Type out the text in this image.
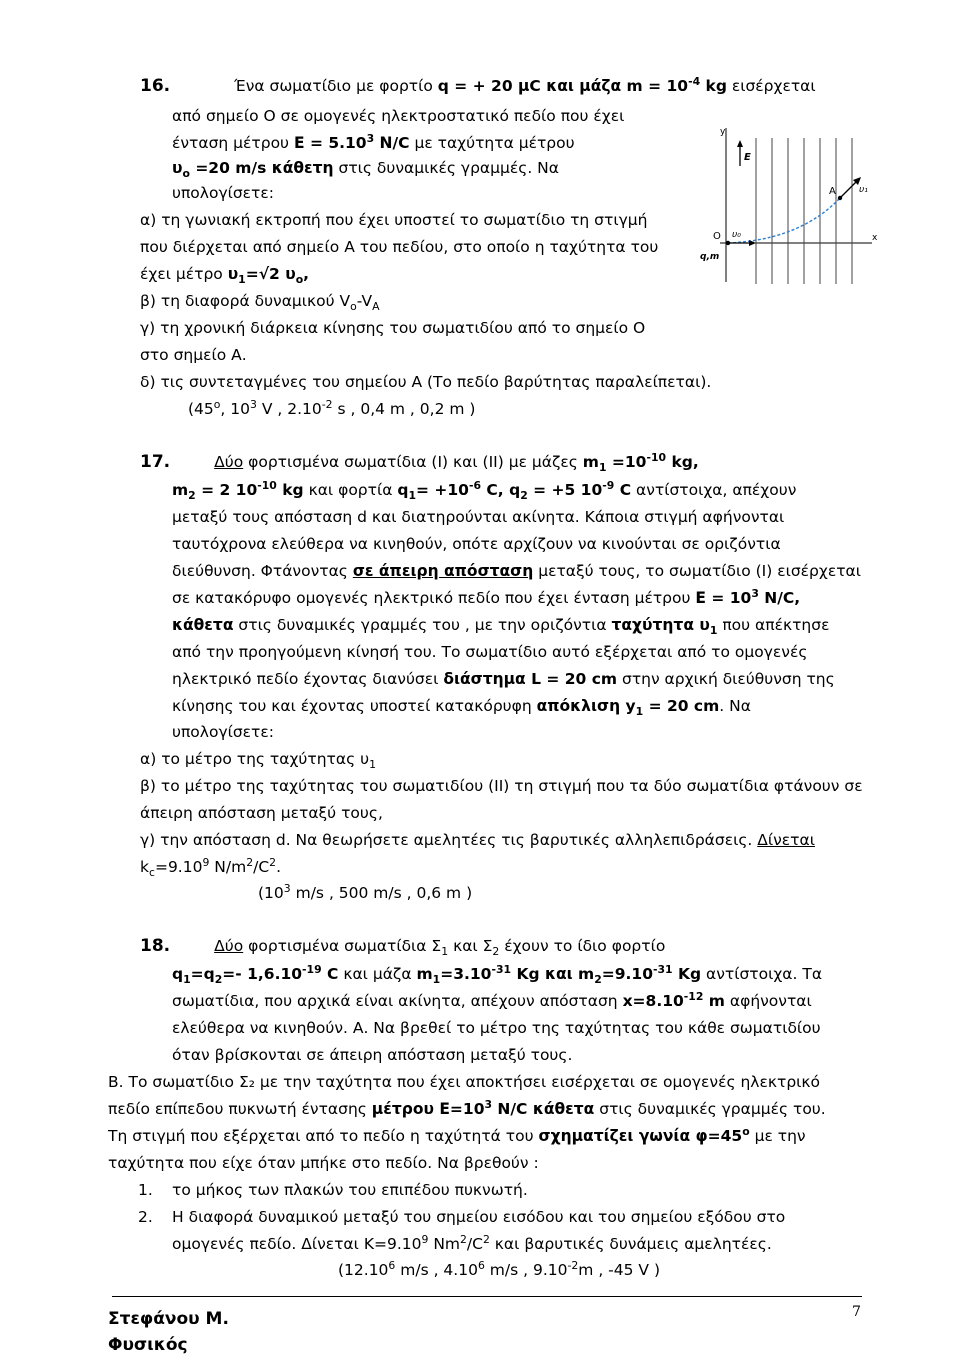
16.	Ένα σωματίδιο με φορτίο q = + 20 μC και μάζα $m = 10^{-4}$ kg εισέρχεται
από σημείο Ο σε ομογενές ηλεκτροστατικό πεδίο που έχει
ένταση μέτρου $E = 5.10^3$ Ν/C με ταχύτητα μέτρου
$\upsilon_o =20$ m/s κάθετη στις δυναμικές γραμμές. Να
υπολογίσετε:
α) τη γωνιακή εκτροπή που έχει υποστεί το σωματίδιο τη στιγμή
που διέρχεται από σημείο Α του πεδίου, στο οποίο η ταχύτητα του
έχει μέτρο $\upsilon_1=√2$ $\upsilon_o$,
β) τη διαφορά δυναμικού $V_o-V_A$
γ) τη χρονική διάρκεια κίνησης του σωματιδίου από το σημείο Ο
στο σημείο Α.
δ) τις συντεταγμένες του σημείου Α (Το πεδίο βαρύτητας παραλείπεται).
($45^o$, $10^3$ V , $2.10^{-2}$ s , 0,4 m , 0,2 m )
y
E
A
O
υ₁
υ₀	x
q,m
17.	Δύο φορτισμένα σωματίδια (Ι) και (ΙΙ) με μάζες $m_1 =10^{-10}$ kg,
$m_2 = 2$ $10^{-10}$ kg και φορτία $q_1= +10^{-6}$ C, $q_2 = +5$ $10^{-9}$ C αντίστοιχα, απέχουν
μεταξύ τους απόσταση d και διατηρούνται ακίνητα. Κάποια στιγμή αφήνονται
ταυτόχρονα ελεύθερα να κινηθούν, οπότε αρχίζουν να κινούνται σε οριζόντια
διεύθυνση. Φτάνοντας σε άπειρη απόσταση μεταξύ τους, το σωματίδιο (Ι) εισέρχεται
σε κατακόρυφο ομογενές ηλεκτρικό πεδίο που έχει ένταση μέτρου $E = 10^3$ N/C,
κάθετα στις δυναμικές γραμμές του , με την οριζόντια ταχύτητα $\upsilon_1$ που απέκτησε
από την προηγούμενη κίνησή του. Το σωματίδιο αυτό εξέρχεται από το ομογενές
ηλεκτρικό πεδίο έχοντας διανύσει διάστημα L = 20 cm στην αρχική διεύθυνση της
κίνησης του και έχοντας υποστεί κατακόρυφη απόκλιση $y_1 = 20$ cm. Να
υπολογίσετε:
α) το μέτρο της ταχύτητας $\upsilon_1$
β) το μέτρο της ταχύτητας του σωματιδίου (ΙΙ) τη στιγμή που τα δύο σωματίδια φτάνουν σε
άπειρη απόσταση μεταξύ τους,
γ) την απόσταση d. Να θεωρήσετε αμελητέες τις βαρυτικές αλληλεπιδράσεις. Δίνεται
$k_c=9.10^9$ $N/m^2/C^2$.
($10^3$ m/s , 500 m/s , 0,6 m )
18.	Δύο φορτισμένα σωματίδια $\Sigma_1$ και $\Sigma_2$ έχουν το ίδιο φορτίο
$q_1=q_2=-$ $1,6.10^{-19}$ C και μάζα $m_1=3.10^{-31}$ Kg και $m_2=9.10^{-31}$ Kg αντίστοιχα. Τα
σωματίδια, που αρχικά είναι ακίνητα, απέχουν απόσταση $x=8.10^{-12}$ m αφήνονται
ελεύθερα να κινηθούν. Α. Να βρεθεί το μέτρο της ταχύτητας του κάθε σωματιδίου
όταν βρίσκονται σε άπειρη απόσταση μεταξύ τους.
Β. Το σωματίδιο Σ₂ με την ταχύτητα που έχει αποκτήσει εισέρχεται σε ομογενές ηλεκτρικό
πεδίο επίπεδου πυκνωτή έντασης μέτρου $E=10^3$ N/C κάθετα στις δυναμικές γραμμές του.
Τη στιγμή που εξέρχεται από το πεδίο η ταχύτητά του σχηματίζει γωνία $\varphi=45^o$ με την
ταχύτητα που είχε όταν μπήκε στο πεδίο. Να βρεθούν :
1. το μήκος των πλακών του επιπέδου πυκνωτή.
2. Η διαφορά δυναμικού μεταξύ του σημείου εισόδου και του σημείου εξόδου στο
ομογενές πεδίο. Δίνεται $K=9.10^9$ $Nm^2/C^2$ και βαρυτικές δυνάμεις αμελητέες.
(12.10$^6$ m/s , 4.10$^6$ m/s , $9.10^{-2}m$ , -45 V )
Στεφάνου Μ.
Φυσικός
7
